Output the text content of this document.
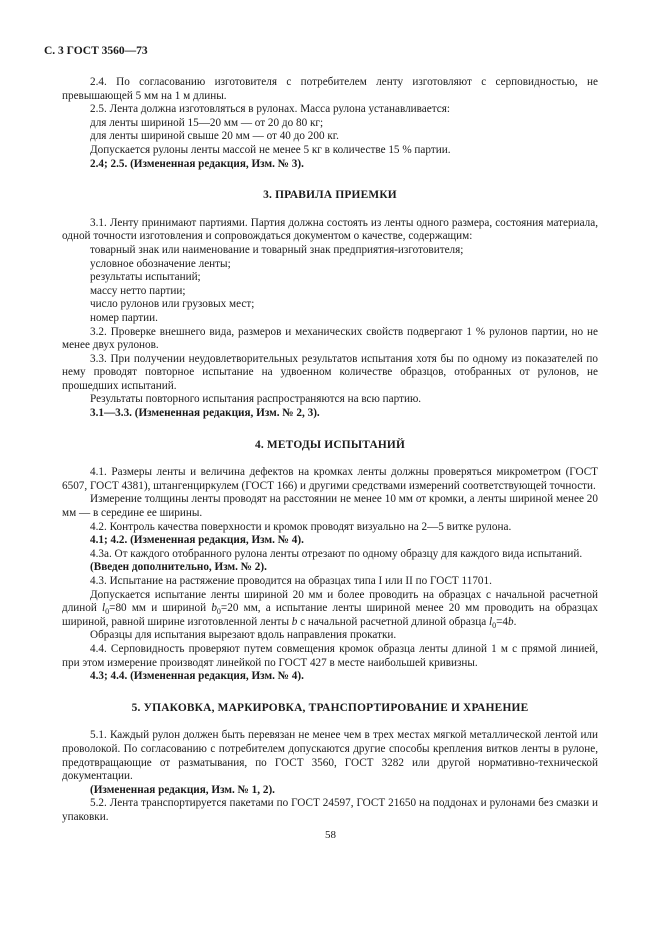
С. 3 ГОСТ 3560—73

2.4. По согласованию изготовителя с потребителем ленту изготовляют с серповидностью, не превышающей 5 мм на 1 м длины.

2.5. Лента должна изготовляться в рулонах. Масса рулона устанавливается:

для ленты шириной 15—20 мм — от 20 до 80 кг;

для ленты шириной свыше 20 мм — от 40 до 200 кг.

Допускается рулоны ленты массой не менее 5 кг в количестве 15 % партии.

2.4; 2.5. (Измененная редакция, Изм. № 3).

3. ПРАВИЛА ПРИЕМКИ

3.1. Ленту принимают партиями. Партия должна состоять из ленты одного размера, состояния материала, одной точности изготовления и сопровождаться документом о качестве, содержащим:

товарный знак или наименование и товарный знак предприятия-изготовителя;

условное обозначение ленты;

результаты испытаний;

массу нетто партии;

число рулонов или грузовых мест;

номер партии.

3.2. Проверке внешнего вида, размеров и механических свойств подвергают 1 % рулонов партии, но не менее двух рулонов.

3.3. При получении неудовлетворительных результатов испытания хотя бы по одному из показателей по нему проводят повторное испытание на удвоенном количестве образцов, отобранных от рулонов, не прошедших испытаний.

Результаты повторного испытания распространяются на всю партию.

3.1—3.3. (Измененная редакция, Изм. № 2, 3).

4. МЕТОДЫ ИСПЫТАНИЙ

4.1. Размеры ленты и величина дефектов на кромках ленты должны проверяться микрометром (ГОСТ 6507, ГОСТ 4381), штангенциркулем (ГОСТ 166) и другими средствами измерений соответствующей точности.

Измерение толщины ленты проводят на расстоянии не менее 10 мм от кромки, а ленты шириной менее 20 мм — в середине ее ширины.

4.2. Контроль качества поверхности и кромок проводят визуально на 2—5 витке рулона.

4.1; 4.2. (Измененная редакция, Изм. № 4).

4.3а. От каждого отобранного рулона ленты отрезают по одному образцу для каждого вида испытаний.

(Введен дополнительно, Изм. № 2).

4.3. Испытание на растяжение проводится на образцах типа I или II по ГОСТ 11701.

Допускается испытание ленты шириной 20 мм и более проводить на образцах с начальной расчетной длиной $l_0=80$ мм и шириной $b_0=20$ мм, а испытание ленты шириной менее 20 мм проводить на образцах шириной, равной ширине изготовленной ленты b с начальной расчетной длиной образца $l_0=4b$.

Образцы для испытания вырезают вдоль направления прокатки.

4.4. Серповидность проверяют путем совмещения кромок образца ленты длиной 1 м с прямой линией, при этом измерение производят линейкой по ГОСТ 427 в месте наибольшей кривизны.

4.3; 4.4. (Измененная редакция, Изм. № 4).

5. УПАКОВКА, МАРКИРОВКА, ТРАНСПОРТИРОВАНИЕ И ХРАНЕНИЕ

5.1. Каждый рулон должен быть перевязан не менее чем в трех местах мягкой металлической лентой или проволокой. По согласованию с потребителем допускаются другие способы крепления витков ленты в рулоне, предотвращающие от разматывания, по ГОСТ 3560, ГОСТ 3282 или другой нормативно-технической документации.

(Измененная редакция, Изм. № 1, 2).

5.2. Лента транспортируется пакетами по ГОСТ 24597, ГОСТ 21650 на поддонах и рулонами без смазки и упаковки.

58
